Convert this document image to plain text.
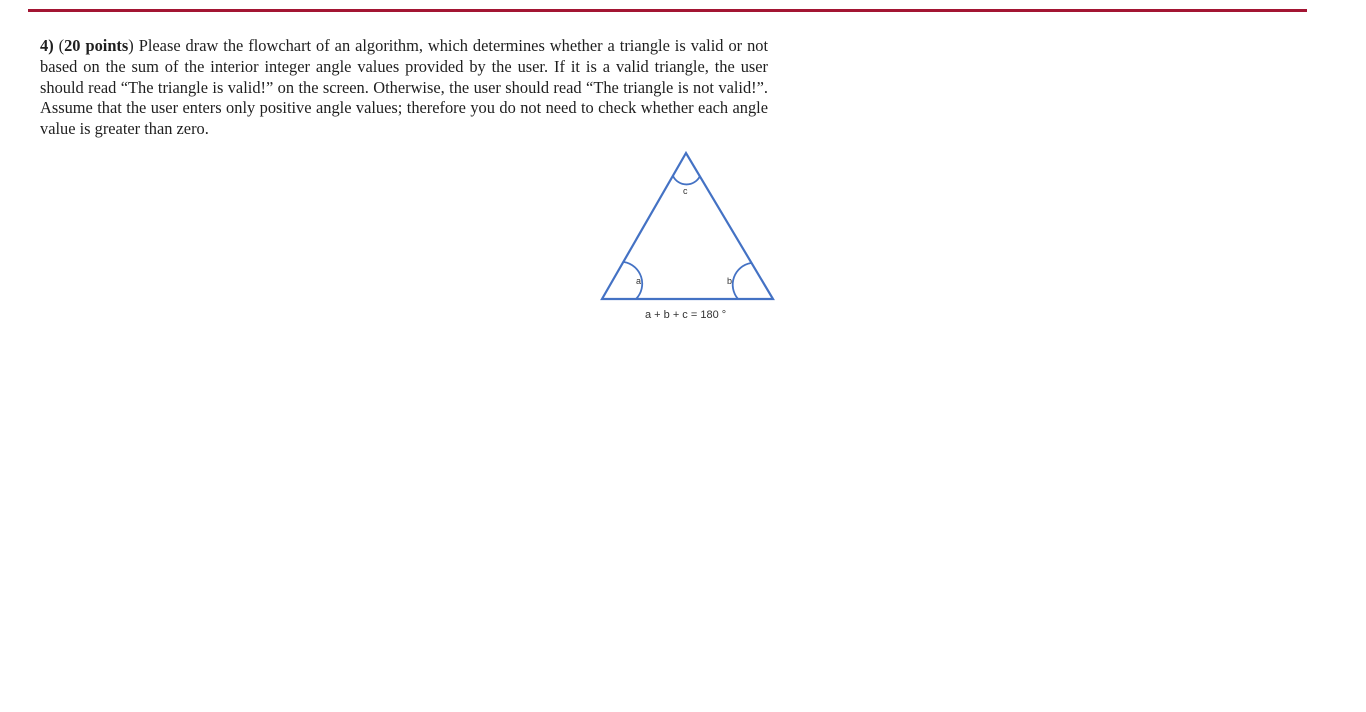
4) (20 points) Please draw the flowchart of an algorithm, which determines whether a triangle is valid or not based on the sum of the interior integer angle values provided by the user. If it is a valid triangle, the user should read “The triangle is valid!” on the screen. Otherwise, the user should read “The triangle is not valid!”. Assume that the user enters only positive angle values; therefore you do not need to check whether each angle value is greater than zero.

c
a	b
a + b + c = 180 °
